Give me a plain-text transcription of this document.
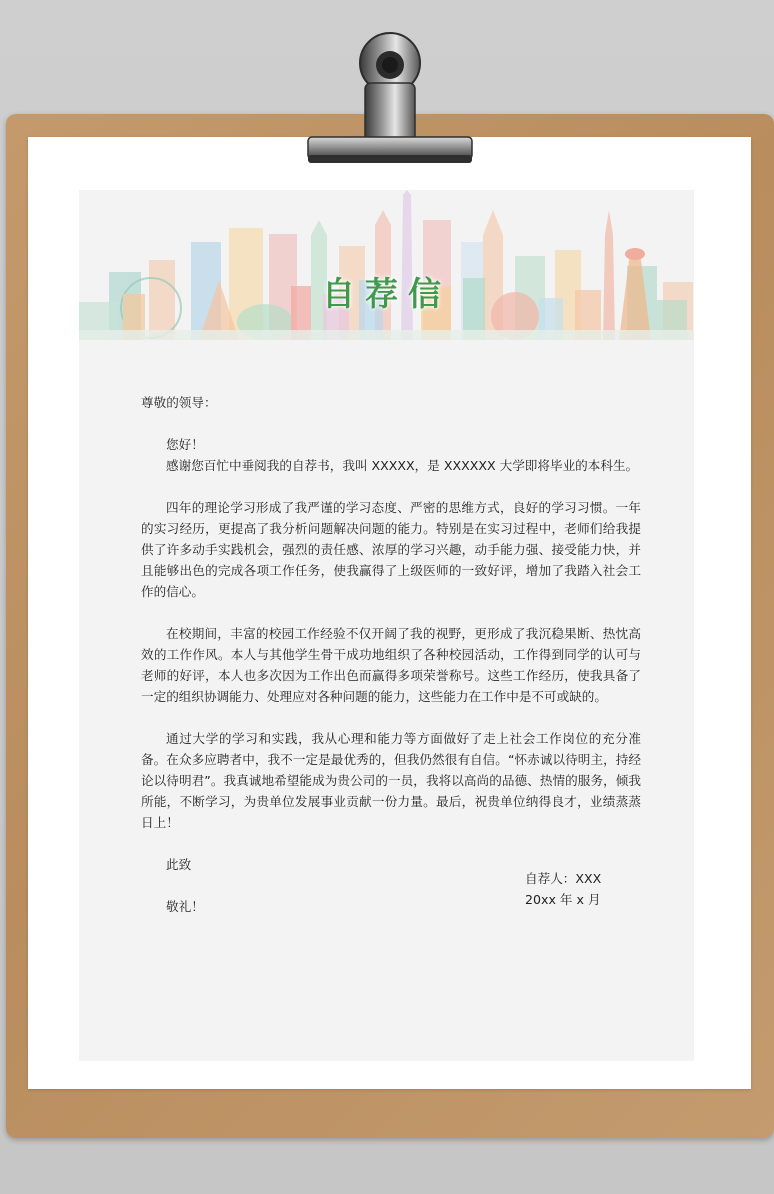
自荐信

尊敬的领导：

您好！

感谢您百忙中垂阅我的自荐书，我叫 XXXXX，是 XXXXXX 大学即将毕业的本科生。

四年的理论学习形成了我严谨的学习态度、严密的思维方式，良好的学习习惯。一年的实习经历，更提高了我分析问题解决问题的能力。特别是在实习过程中，老师们给我提供了许多动手实践机会，强烈的责任感、浓厚的学习兴趣，动手能力强、接受能力快，并且能够出色的完成各项工作任务，使我赢得了上级医师的一致好评，增加了我踏入社会工作的信心。

在校期间，丰富的校园工作经验不仅开阔了我的视野，更形成了我沉稳果断、热忱高效的工作作风。本人与其他学生骨干成功地组织了各种校园活动，工作得到同学的认可与老师的好评，本人也多次因为工作出色而赢得多项荣誉称号。这些工作经历，使我具备了一定的组织协调能力、处理应对各种问题的能力，这些能力在工作中是不可或缺的。

通过大学的学习和实践，我从心理和能力等方面做好了走上社会工作岗位的充分准备。在众多应聘者中，我不一定是最优秀的，但我仍然很有自信。“怀赤诚以待明主，持经论以待明君”。我真诚地希望能成为贵公司的一员，我将以高尚的品德、热情的服务，倾我所能，不断学习，为贵单位发展事业贡献一份力量。最后，祝贵单位纳得良才，业绩蒸蒸日上！

此致

敬礼！

自荐人：XXX
20xx 年 x 月
